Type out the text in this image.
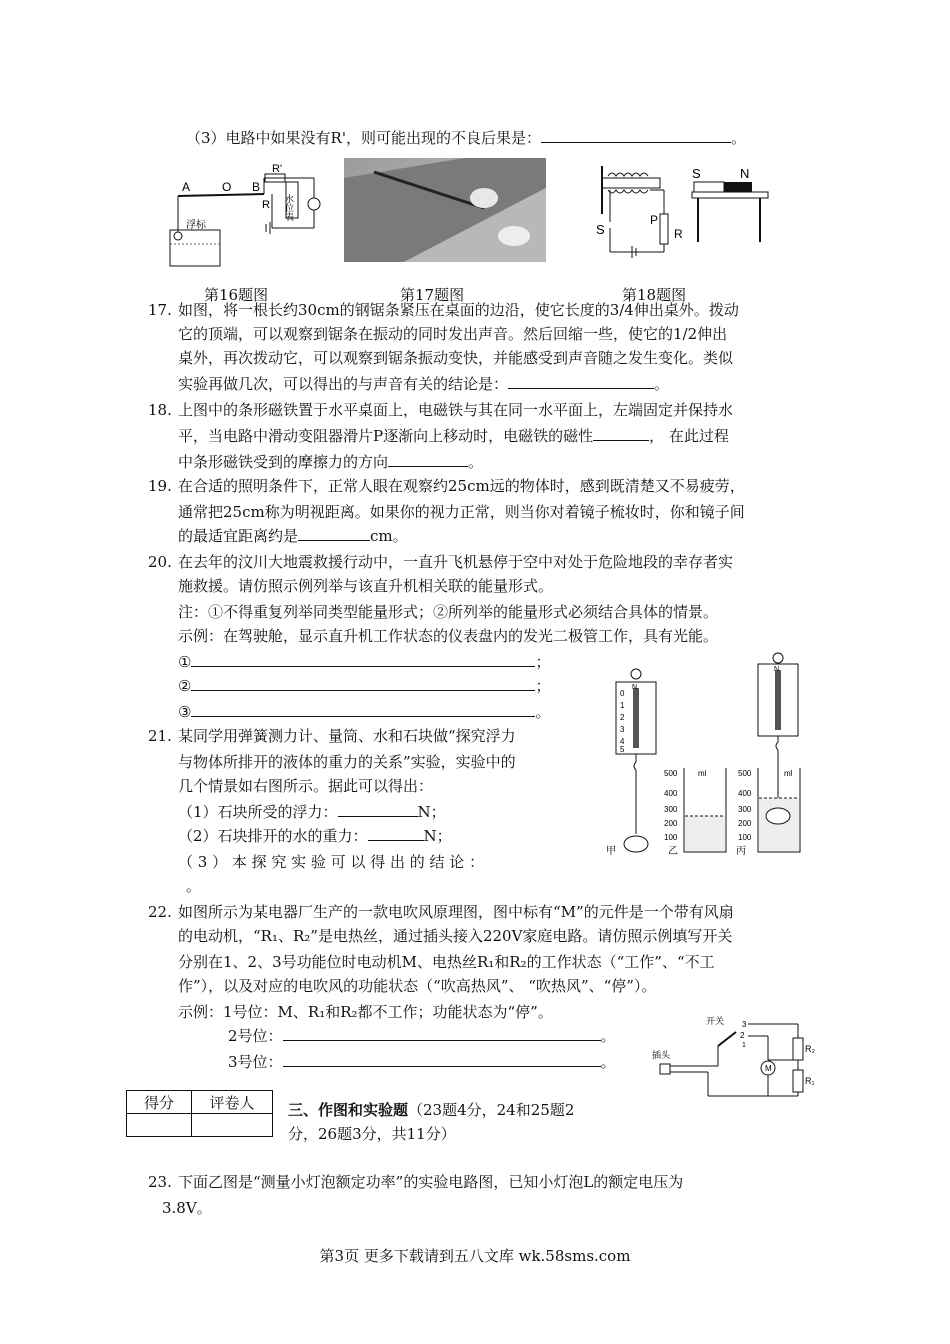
（3）电路中如果没有R'，则可能出现的不良后果是：	。
A	O B
R'
R
浮标
水位表
第16题图	第17题图
S
P
R
S	N
第18题图
17. 如图，将一根长约30cm的钢锯条紧压在桌面的边沿，使它长度的3/4伸出桌外。拨动
它的顶端，可以观察到锯条在振动的同时发出声音。然后回缩一些，使它的1/2伸出
桌外，再次拨动它，可以观察到锯条振动变快，并能感受到声音随之发生变化。类似
实验再做几次，可以得出的与声音有关的结论是：	。
18. 上图中的条形磁铁置于水平桌面上，电磁铁与其在同一水平面上，左端固定并保持水
平，当电路中滑动变阻器滑片P逐渐向上移动时，电磁铁的磁性	， 在此过程
中条形磁铁受到的摩擦力的方向	。
19. 在合适的照明条件下，正常人眼在观察约25cm远的物体时，感到既清楚又不易疲劳，
通常把25cm称为明视距离。如果你的视力正常，则当你对着镜子梳妆时，你和镜子间
的最适宜距离约是	cm。
20. 在去年的汶川大地震救援行动中，一直升飞机悬停于空中对处于危险地段的幸存者实
施救援。请仿照示例列举与该直升机相关联的能量形式。
注：①不得重复列举同类型能量形式；②所列举的能量形式必须结合具体的情景。
示例：在驾驶舱，显示直升机工作状态的仪表盘内的发光二极管工作，具有光能。
①	；
②	；
③	。
21. 某同学用弹簧测力计、量筒、水和石块做“探究浮力
与物体所排开的液体的重力的关系”实验，实验中的
几个情景如右图所示。据此可以得出：
（1）石块所受的浮力：	N；
（2）石块排开的水的重力：	N；
（ 3 ） 本 探 究 实 验 可 以 得 出 的 结 论 ：
。
N
0
1
2
3
4
5
甲
500
400
300
200
100
ml
乙
N
500
400
300
200
100
ml
丙
22. 如图所示为某电器厂生产的一款电吹风原理图，图中标有“M”的元件是一个带有风扇
的电动机，“R₁、R₂”是电热丝，通过插头接入220V家庭电路。请仿照示例填写开关
分别在1、2、3号功能位时电动机M、电热丝R₁和R₂的工作状态（“工作”、“不工
作”），以及对应的电吹风的功能状态（“吹高热风”、 “吹热风”、“停”）。
示例：1号位：M、R₁和R₂都不工作；功能状态为“停”。
2号位：	。
3号位：	。
开关
插头
3
2
1	R₂
M
R₁
得分	评卷人
	三、作图和实验题（23题4分，24和25题2
分，26题3分，共11分）
23. 下面乙图是“测量小灯泡额定功率”的实验电路图，已知小灯泡L的额定电压为
3.8V。
第3页 更多下载请到五八文库 wk.58sms.com
